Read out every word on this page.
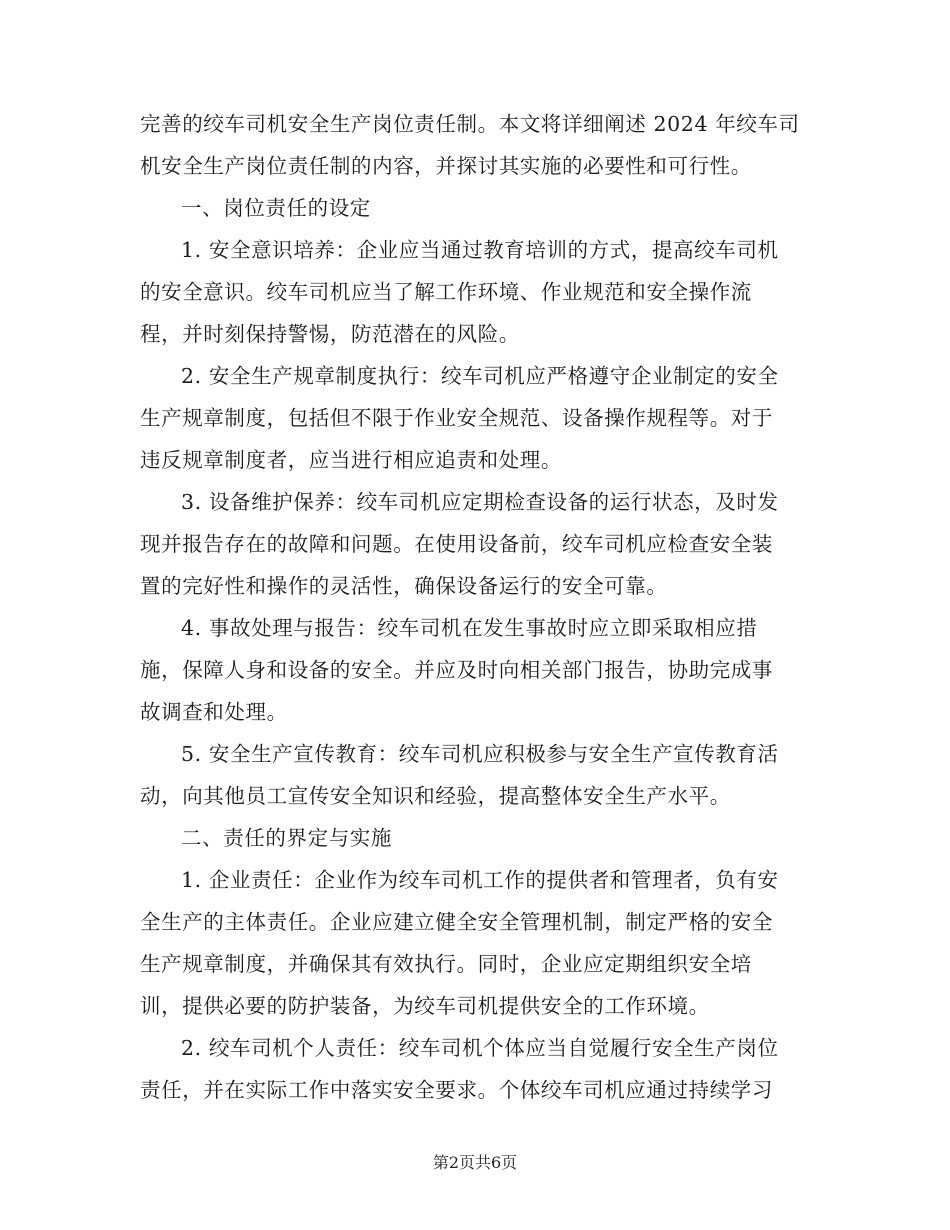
完善的绞车司机安全生产岗位责任制。本文将详细阐述 2024 年绞车司
机安全生产岗位责任制的内容，并探讨其实施的必要性和可行性。

一、岗位责任的设定

1. 安全意识培养：企业应当通过教育培训的方式，提高绞车司机
的安全意识。绞车司机应当了解工作环境、作业规范和安全操作流
程，并时刻保持警惕，防范潜在的风险。

2. 安全生产规章制度执行：绞车司机应严格遵守企业制定的安全
生产规章制度，包括但不限于作业安全规范、设备操作规程等。对于
违反规章制度者，应当进行相应追责和处理。

3. 设备维护保养：绞车司机应定期检查设备的运行状态，及时发
现并报告存在的故障和问题。在使用设备前，绞车司机应检查安全装
置的完好性和操作的灵活性，确保设备运行的安全可靠。

4. 事故处理与报告：绞车司机在发生事故时应立即采取相应措
施，保障人身和设备的安全。并应及时向相关部门报告，协助完成事
故调查和处理。

5. 安全生产宣传教育：绞车司机应积极参与安全生产宣传教育活
动，向其他员工宣传安全知识和经验，提高整体安全生产水平。

二、责任的界定与实施

1. 企业责任：企业作为绞车司机工作的提供者和管理者，负有安
全生产的主体责任。企业应建立健全安全管理机制，制定严格的安全
生产规章制度，并确保其有效执行。同时，企业应定期组织安全培
训，提供必要的防护装备，为绞车司机提供安全的工作环境。

2. 绞车司机个人责任：绞车司机个体应当自觉履行安全生产岗位
责任，并在实际工作中落实安全要求。个体绞车司机应通过持续学习

第2页共6页
